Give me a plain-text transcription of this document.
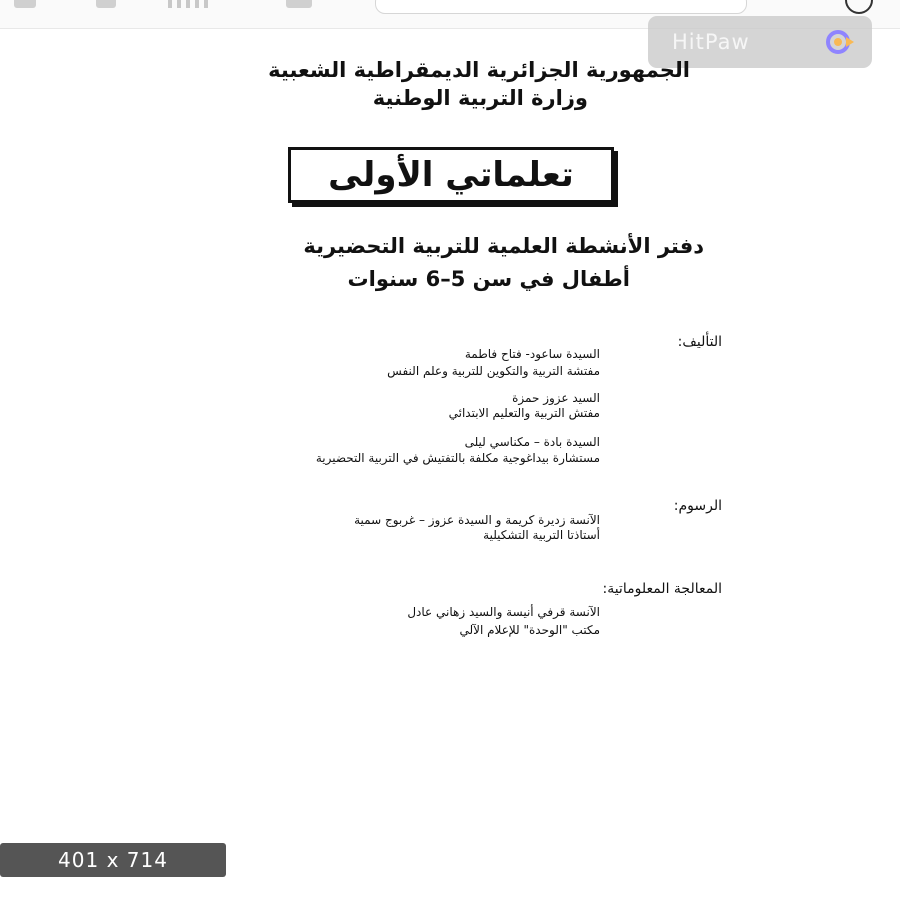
HitPaw
الجمهورية الجزائرية الديمقراطية الشعبية
وزارة التربية الوطنية
تعلماتي الأولى
دفتر الأنشطة العلمية للتربية التحضيرية
أطفال في سن 5–6 سنوات
التأليف:
السيدة ساعود- فتاح فاطمة
مفتشة التربية والتكوين للتربية وعلم النفس
السيد عزوز حمزة
مفتش التربية والتعليم الابتدائي
السيدة بادة – مكناسي ليلى
مستشارة بيداغوجية مكلفة بالتفتيش في التربية التحضيرية
الرسوم:
الآنسة زديرة كريمة و السيدة عزوز – غربوج سمية
أستاذتا التربية التشكيلية
المعالجة المعلوماتية:
الآنسة قرفي أنيسة والسيد زهاني عادل
مكتب "الوحدة" للإعلام الآلي
401 x 714
